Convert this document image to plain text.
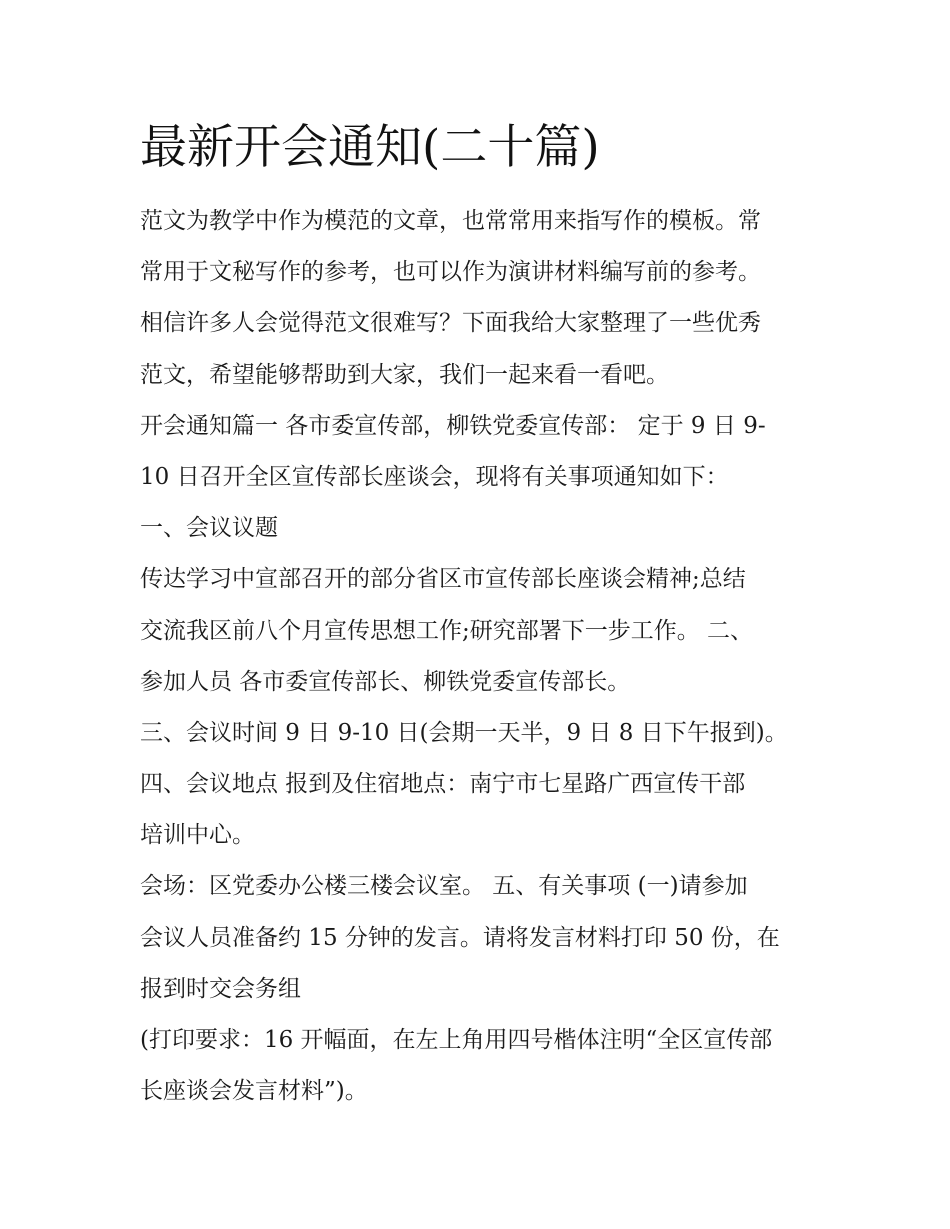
最新开会通知(二十篇)
范文为教学中作为模范的文章，也常常用来指写作的模板。常
常用于文秘写作的参考，也可以作为演讲材料编写前的参考。
相信许多人会觉得范文很难写？下面我给大家整理了一些优秀
范文，希望能够帮助到大家，我们一起来看一看吧。
开会通知篇一 各市委宣传部，柳铁党委宣传部： 定于 9 日 9-
10 日召开全区宣传部长座谈会，现将有关事项通知如下：
一、会议议题
传达学习中宣部召开的部分省区市宣传部长座谈会精神;总结
交流我区前八个月宣传思想工作;研究部署下一步工作。 二、
参加人员 各市委宣传部长、柳铁党委宣传部长。
三、会议时间 9 日 9-10 日(会期一天半，9 日 8 日下午报到)。
四、会议地点 报到及住宿地点：南宁市七星路广西宣传干部
培训中心。
会场：区党委办公楼三楼会议室。 五、有关事项 (一)请参加
会议人员准备约 15 分钟的发言。请将发言材料打印 50 份，在
报到时交会务组
(打印要求：16 开幅面，在左上角用四号楷体注明“全区宣传部
长座谈会发言材料”)。
